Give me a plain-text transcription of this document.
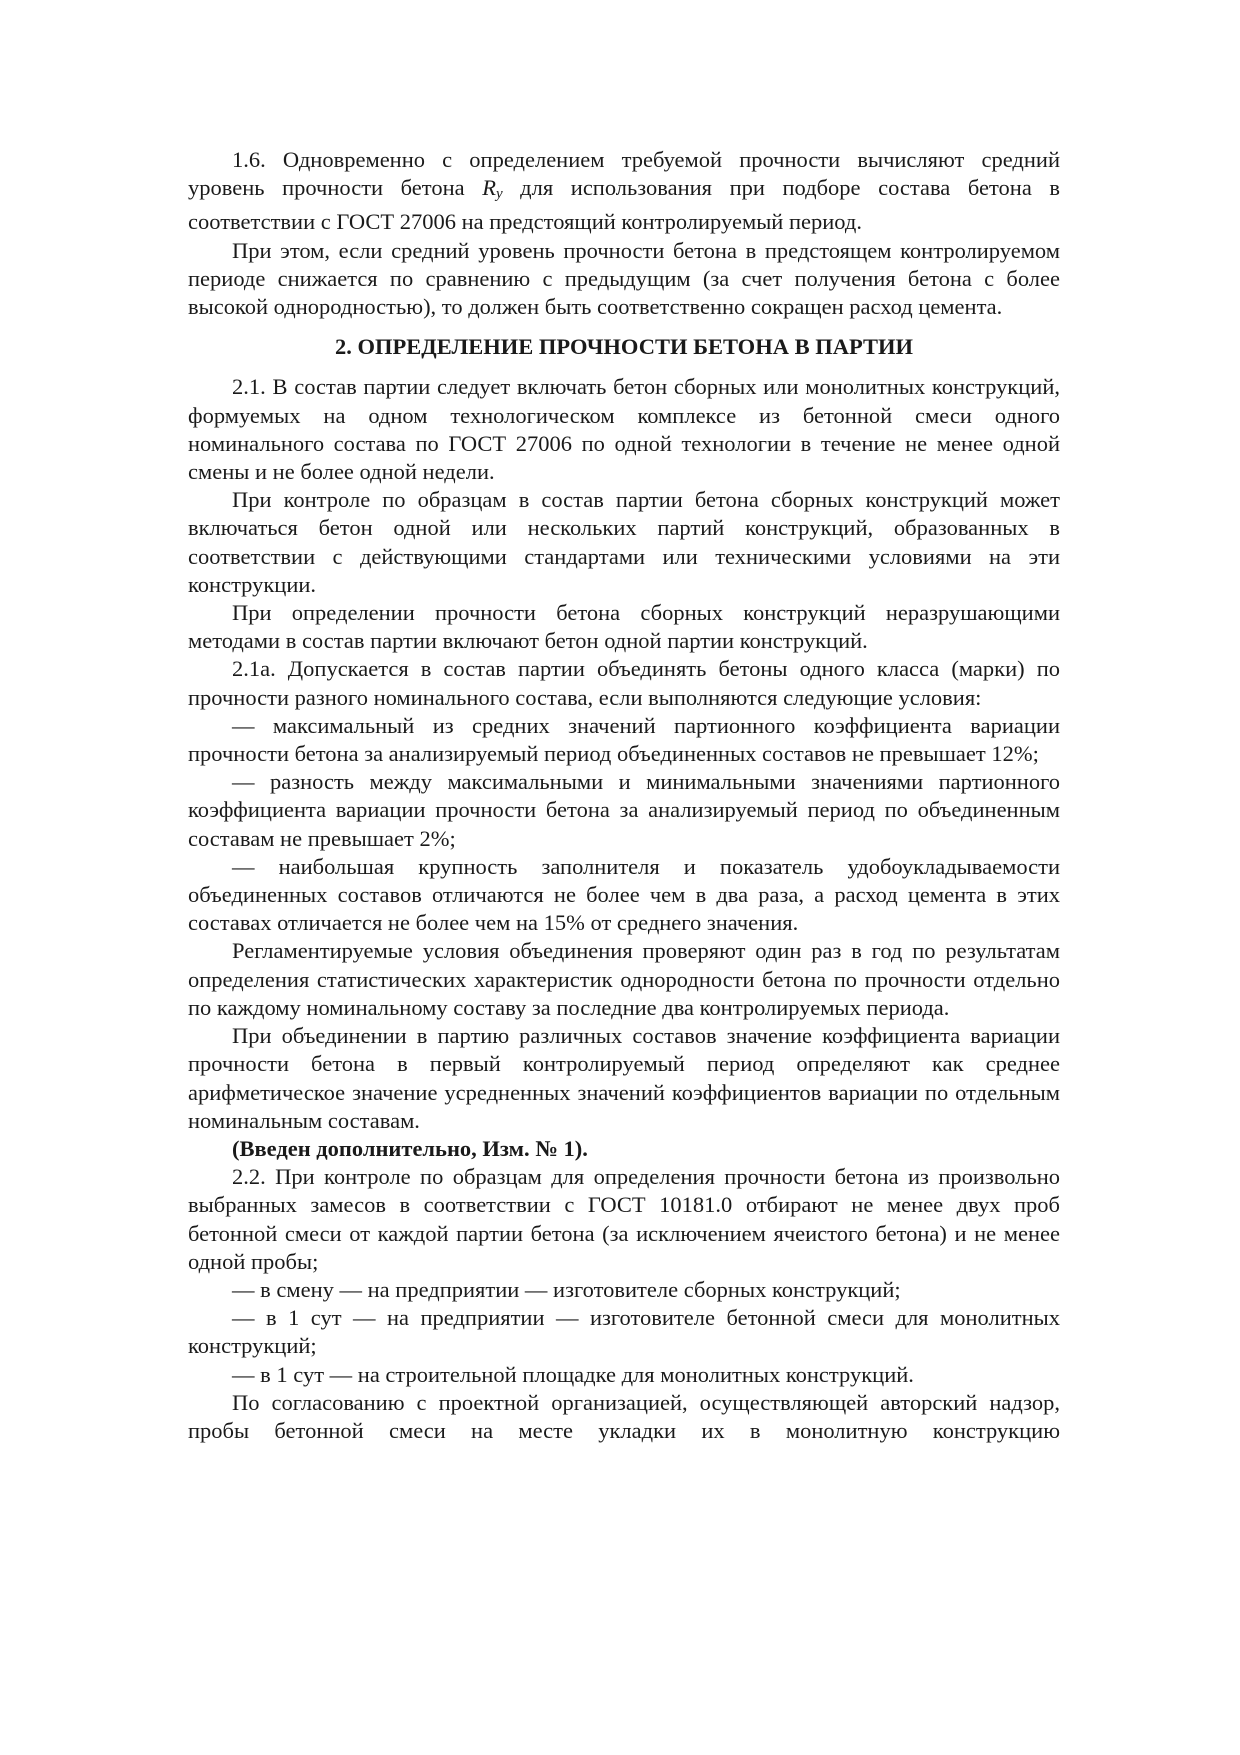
1.6. Одновременно с определением требуемой прочности вычисляют средний уровень прочности бетона $R_y$ для использования при подборе состава бетона в соответствии с ГОСТ 27006 на предстоящий контролируемый период.

При этом, если средний уровень прочности бетона в предстоящем контролируемом периоде снижается по сравнению с предыдущим (за счет получения бетона с более высокой однородностью), то должен быть соответственно сокращен расход цемента.

2. ОПРЕДЕЛЕНИЕ ПРОЧНОСТИ БЕТОНА В ПАРТИИ

2.1. В состав партии следует включать бетон сборных или монолитных конструкций, формуемых на одном технологическом комплексе из бетонной смеси одного номинального состава по ГОСТ 27006 по одной технологии в течение не менее одной смены и не более одной недели.

При контроле по образцам в состав партии бетона сборных конструкций может включаться бетон одной или нескольких партий конструкций, образованных в соответствии с действующими стандартами или техническими условиями на эти конструкции.

При определении прочности бетона сборных конструкций неразрушающими методами в состав партии включают бетон одной партии конструкций.

2.1а. Допускается в состав партии объединять бетоны одного класса (марки) по прочности разного номинального состава, если выполняются следующие условия:

— максимальный из средних значений партионного коэффициента вариации прочности бетона за анализируемый период объединенных составов не превышает 12%;

— разность между максимальными и минимальными значениями партионного коэффициента вариации прочности бетона за анализируемый период по объединенным составам не превышает 2%;

— наибольшая крупность заполнителя и показатель удобоукладываемости объединенных составов отличаются не более чем в два раза, а расход цемента в этих составах отличается не более чем на 15% от среднего значения.

Регламентируемые условия объединения проверяют один раз в год по результатам определения статистических характеристик однородности бетона по прочности отдельно по каждому номинальному составу за последние два контролируемых периода.

При объединении в партию различных составов значение коэффициента вариации прочности бетона в первый контролируемый период определяют как среднее арифметическое значение усредненных значений коэффициентов вариации по отдельным номинальным составам.

(Введен дополнительно, Изм. № 1).

2.2. При контроле по образцам для определения прочности бетона из произвольно выбранных замесов в соответствии с ГОСТ 10181.0 отбирают не менее двух проб бетонной смеси от каждой партии бетона (за исключением ячеистого бетона) и не менее одной пробы;

— в смену — на предприятии — изготовителе сборных конструкций;

— в 1 сут — на предприятии — изготовителе бетонной смеси для монолитных конструкций;

— в 1 сут — на строительной площадке для монолитных конструкций.

По согласованию с проектной организацией, осуществляющей авторский надзор, пробы бетонной смеси на месте укладки их в монолитную конструкцию
